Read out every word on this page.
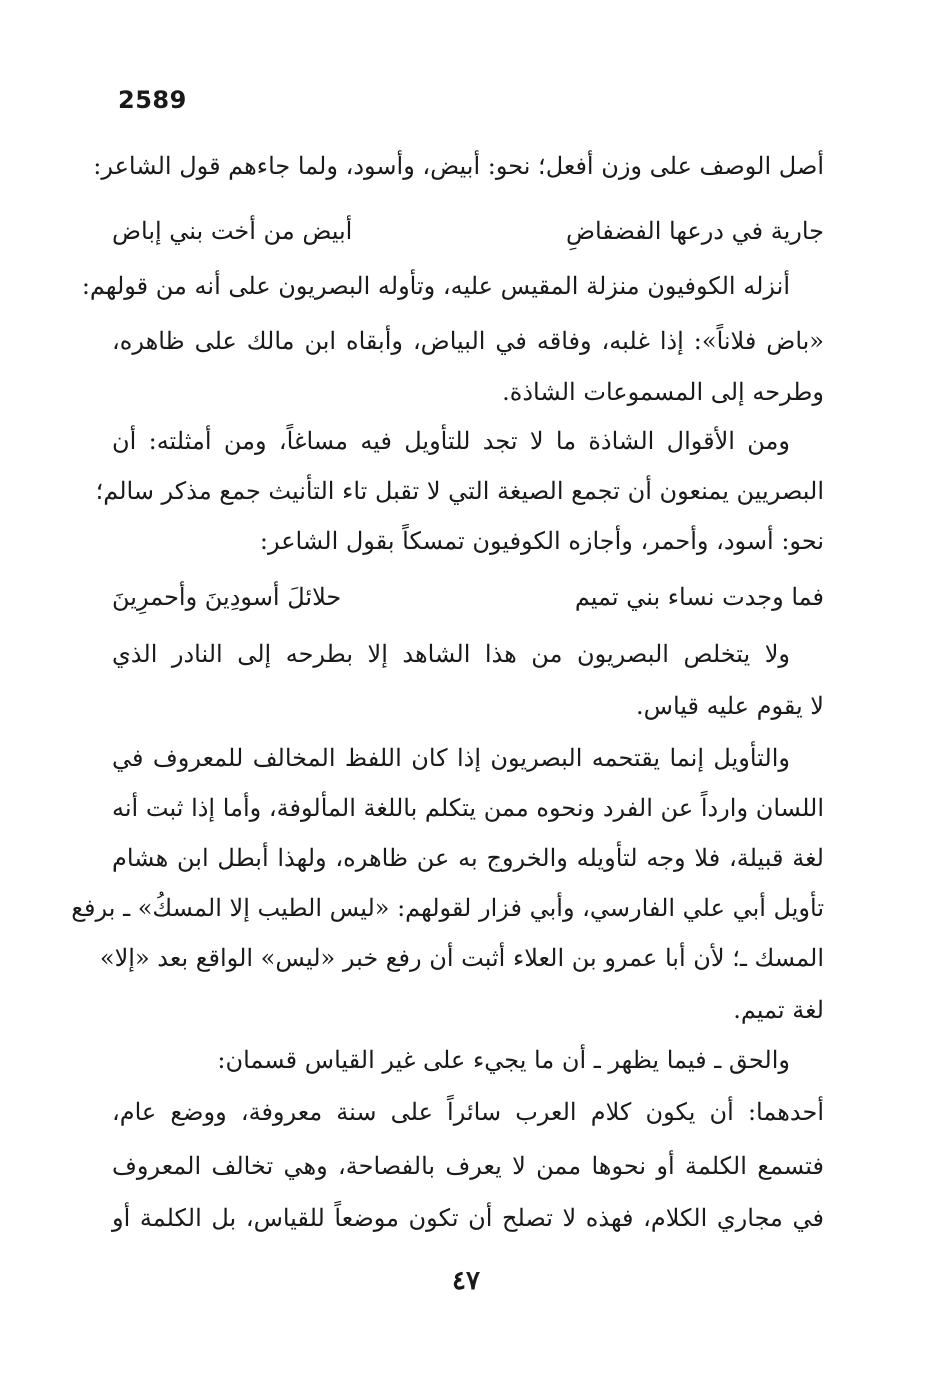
2589
أصل الوصف على وزن أفعل؛ نحو: أبيض، وأسود، ولما جاءهم قول الشاعر:
جارية في درعها الفضفاضِ
أبيض من أخت بني إباض
أنزله الكوفيون منزلة المقيس عليه، وتأوله البصريون على أنه من قولهم:
«باض فلاناً»: إذا غلبه، وفاقه في البياض، وأبقاه ابن مالك على ظاهره،
وطرحه إلى المسموعات الشاذة.
ومن الأقوال الشاذة ما لا تجد للتأويل فيه مساغاً، ومن أمثلته: أن
البصريين يمنعون أن تجمع الصيغة التي لا تقبل تاء التأنيث جمع مذكر سالم؛
نحو: أسود، وأحمر، وأجازه الكوفيون تمسكاً بقول الشاعر:
فما وجدت نساء بني تميم
حلائلَ أسودِينَ وأحمرِينَ
ولا يتخلص البصريون من هذا الشاهد إلا بطرحه إلى النادر الذي
لا يقوم عليه قياس.
والتأويل إنما يقتحمه البصريون إذا كان اللفظ المخالف للمعروف في
اللسان وارداً عن الفرد ونحوه ممن يتكلم باللغة المألوفة، وأما إذا ثبت أنه
لغة قبيلة، فلا وجه لتأويله والخروج به عن ظاهره، ولهذا أبطل ابن هشام
تأويل أبي علي الفارسي، وأبي فزار لقولهم: «ليس الطيب إلا المسكُ» ـ برفع
المسك ـ؛ لأن أبا عمرو بن العلاء أثبت أن رفع خبر «ليس» الواقع بعد «إلا»
لغة تميم.
والحق ـ فيما يظهر ـ أن ما يجيء على غير القياس قسمان:
أحدهما: أن يكون كلام العرب سائراً على سنة معروفة، ووضع عام،
فتسمع الكلمة أو نحوها ممن لا يعرف بالفصاحة، وهي تخالف المعروف
في مجاري الكلام، فهذه لا تصلح أن تكون موضعاً للقياس، بل الكلمة أو
٤٧
